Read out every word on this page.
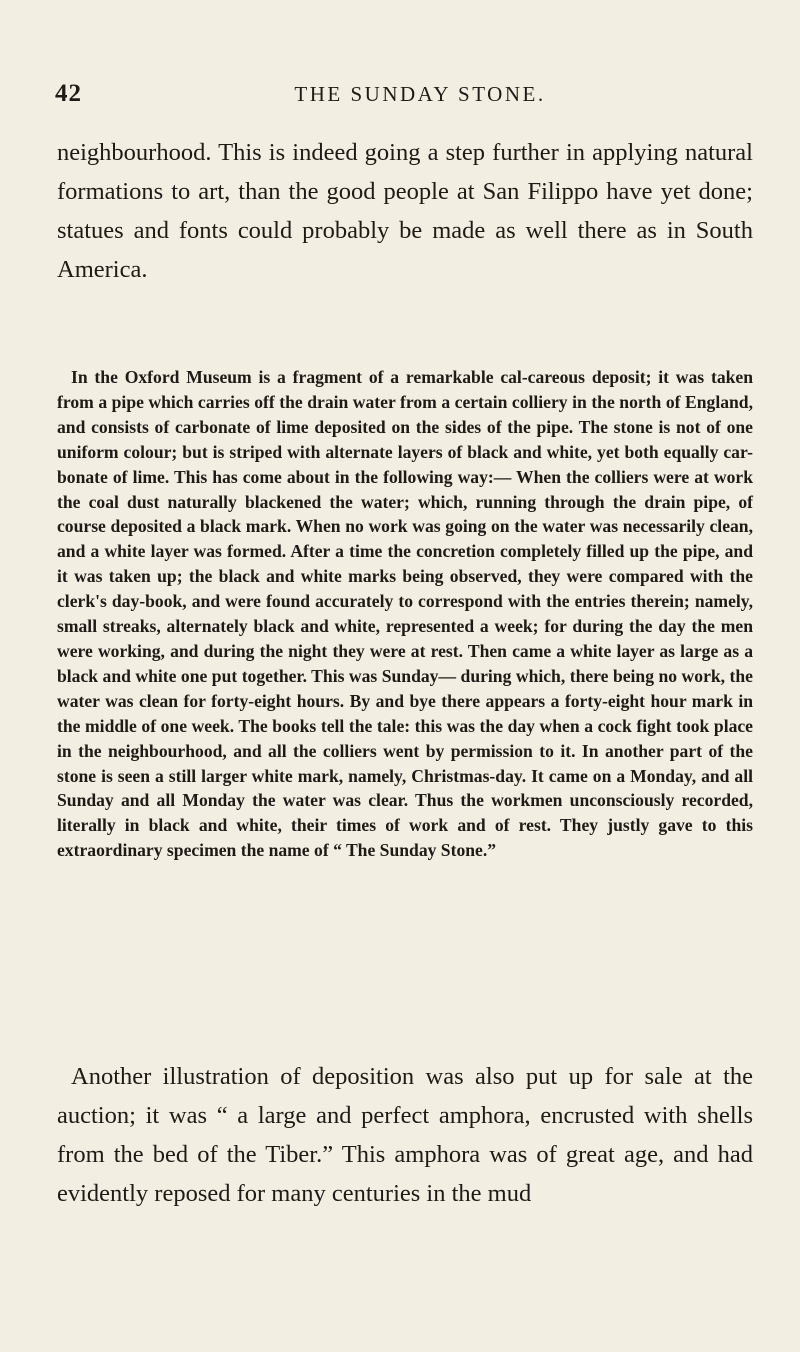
42	THE SUNDAY STONE.

neighbourhood. This is indeed going a step further in applying natural formations to art, than the good people at San Filippo have yet done; statues and fonts could probably be made as well there as in South America.

In the Oxford Museum is a fragment of a remarkable cal-careous deposit; it was taken from a pipe which carries off the drain water from a certain colliery in the north of England, and consists of carbonate of lime deposited on the sides of the pipe. The stone is not of one uniform colour; but is striped with alternate layers of black and white, yet both equally car-bonate of lime. This has come about in the following way:— When the colliers were at work the coal dust naturally blackened the water; which, running through the drain pipe, of course deposited a black mark. When no work was going on the water was necessarily clean, and a white layer was formed. After a time the concretion completely filled up the pipe, and it was taken up; the black and white marks being observed, they were compared with the clerk's day-book, and were found accurately to correspond with the entries therein; namely, small streaks, alternately black and white, represented a week; for during the day the men were working, and during the night they were at rest. Then came a white layer as large as a black and white one put together. This was Sunday— during which, there being no work, the water was clean for forty-eight hours. By and bye there appears a forty-eight hour mark in the middle of one week. The books tell the tale: this was the day when a cock fight took place in the neighbourhood, and all the colliers went by permission to it. In another part of the stone is seen a still larger white mark, namely, Christmas-day. It came on a Monday, and all Sunday and all Monday the water was clear. Thus the workmen unconsciously recorded, literally in black and white, their times of work and of rest. They justly gave to this extraordinary specimen the name of “ The Sunday Stone.”

Another illustration of deposition was also put up for sale at the auction; it was “ a large and perfect amphora, encrusted with shells from the bed of the Tiber.” This amphora was of great age, and had evidently reposed for many centuries in the mud
